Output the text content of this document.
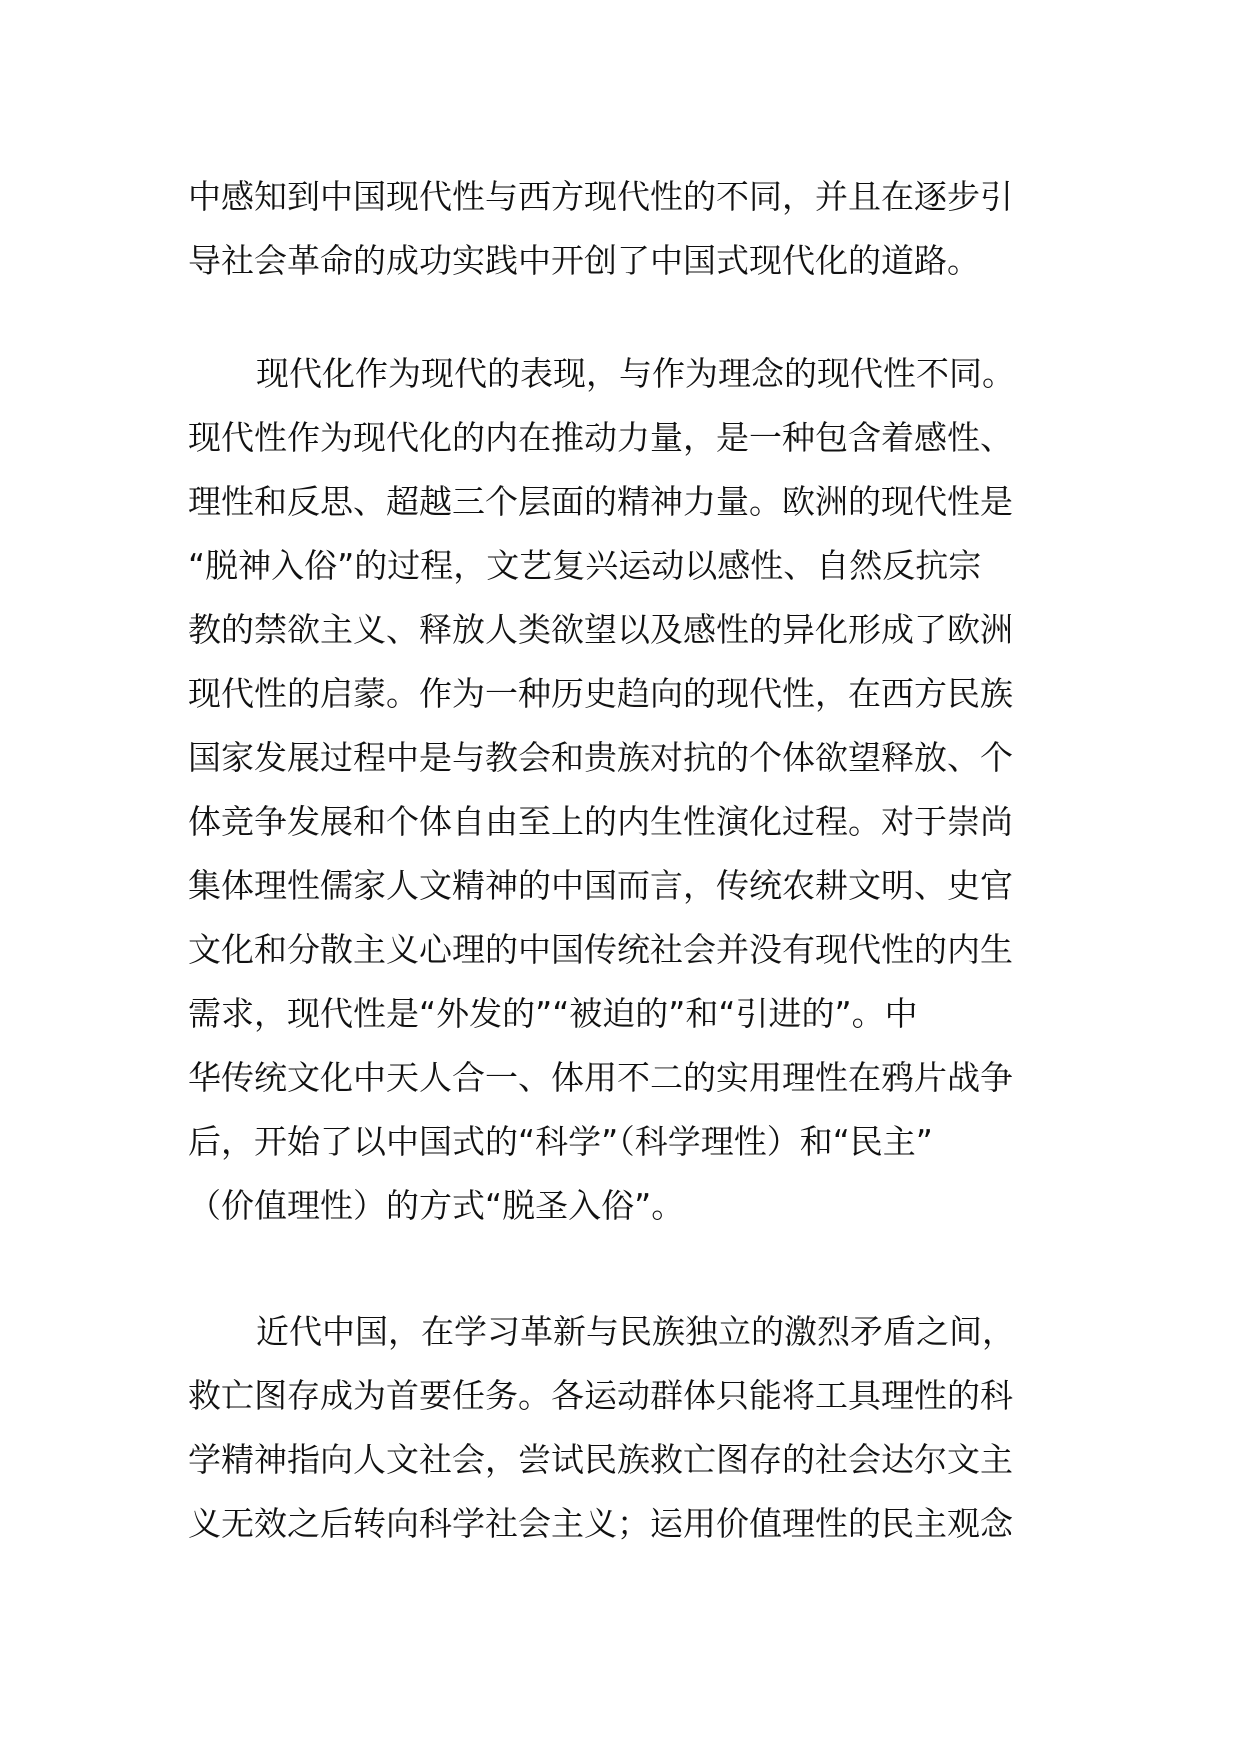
中感知到中国现代性与西方现代性的不同，并且在逐步引
导社会革命的成功实践中开创了中国式现代化的道路。
现代化作为现代的表现，与作为理念的现代性不同。
现代性作为现代化的内在推动力量，是一种包含着感性、
理性和反思、超越三个层面的精神力量。欧洲的现代性是
“脱神入俗”的过程，文艺复兴运动以感性、自然反抗宗
教的禁欲主义、释放人类欲望以及感性的异化形成了欧洲
现代性的启蒙。作为一种历史趋向的现代性，在西方民族
国家发展过程中是与教会和贵族对抗的个体欲望释放、个
体竞争发展和个体自由至上的内生性演化过程。对于崇尚
集体理性儒家人文精神的中国而言，传统农耕文明、史官
文化和分散主义心理的中国传统社会并没有现代性的内生
需求，现代性是“外发的”“被迫的”和“引进的”。中
华传统文化中天人合一、体用不二的实用理性在鸦片战争
后，开始了以中国式的“科学”（科学理性）和“民主”
（价值理性）的方式“脱圣入俗”。
近代中国，在学习革新与民族独立的激烈矛盾之间，
救亡图存成为首要任务。各运动群体只能将工具理性的科
学精神指向人文社会，尝试民族救亡图存的社会达尔文主
义无效之后转向科学社会主义；运用价值理性的民主观念
